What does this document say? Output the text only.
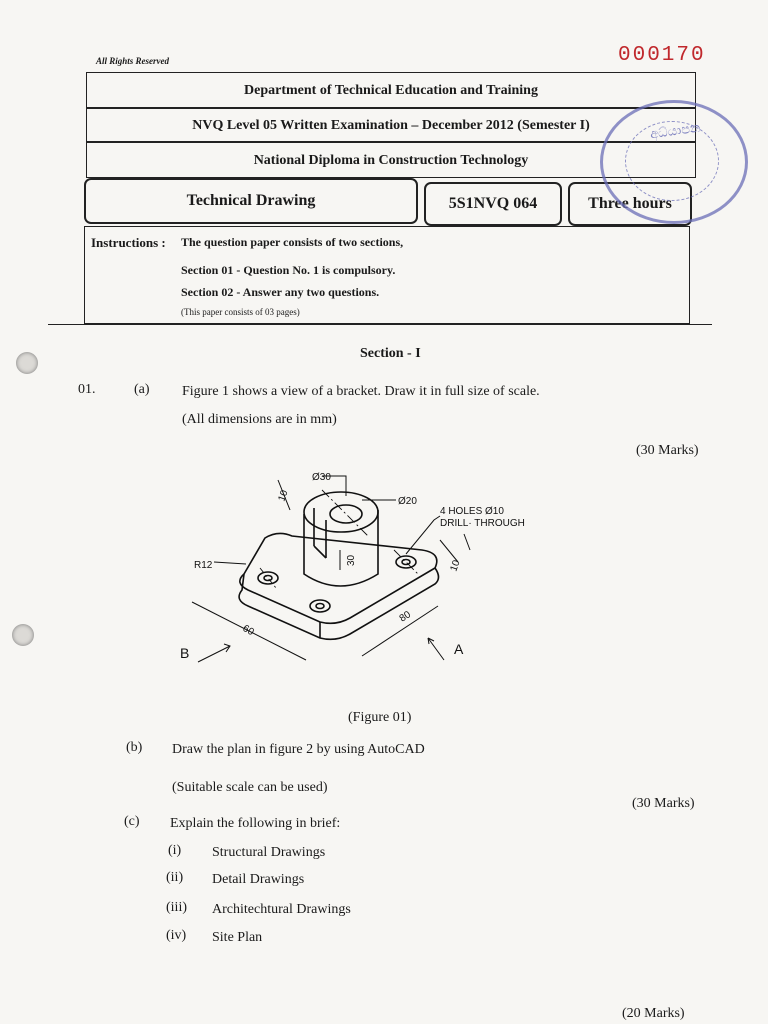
All Rights Reserved	000170
Department of Technical Education and Training
NVQ Level 05 Written Examination – December 2012 (Semester I)
National Diploma in Construction Technology
Technical Drawing	5S1NVQ 064	Three hours
අධ්යාපන
Instructions : The question paper consists of two sections,
Section 01 - Question No. 1 is compulsory.
Section 02 - Answer any two questions.
(This paper consists of 03 pages)
Section - I
01.	(a) Figure 1 shows a view of a bracket. Draw it in full size of scale.
(All dimensions are in mm)
(30 Marks)
Ø30
Ø20
10
30
R12
60
80
10
4 HOLES Ø10
DRILL· THROUGH
B	A
(Figure 01)
(b) Draw the plan in figure 2 by using AutoCAD
(Suitable scale can be used)
(30 Marks)
(c) Explain the following in brief:
(i) Structural Drawings
(ii) Detail Drawings
(iii) Architechtural Drawings
(iv) Site Plan
(20 Marks)
